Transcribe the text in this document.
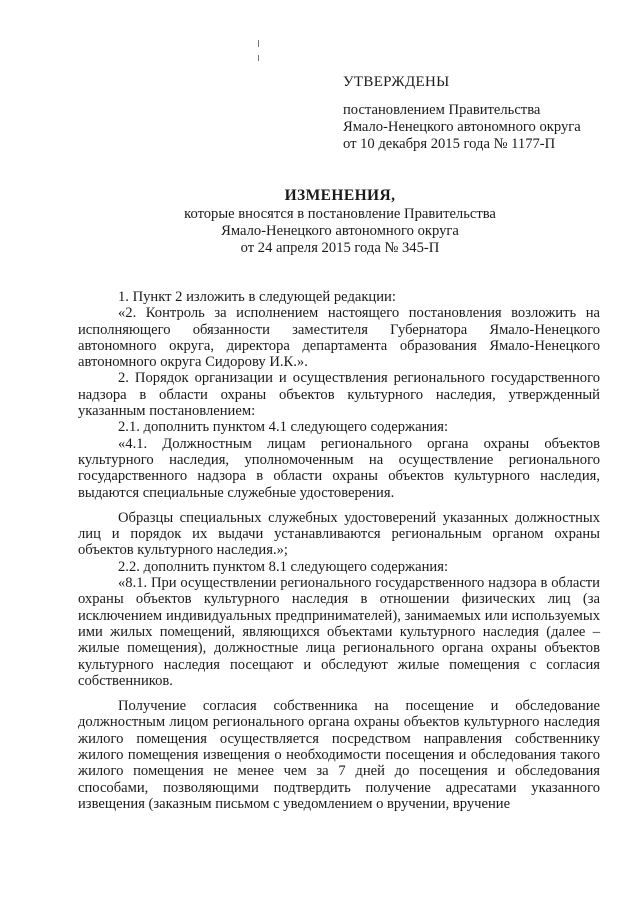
УТВЕРЖДЕНЫ
постановлением Правительства
Ямало-Ненецкого автономного округа
от 10 декабря 2015 года № 1177-П
ИЗМЕНЕНИЯ,
которые вносятся в постановление Правительства
Ямало-Ненецкого автономного округа
от 24 апреля 2015 года № 345-П

1. Пункт 2 изложить в следующей редакции:

«2. Контроль за исполнением настоящего постановления возложить на исполняющего обязанности заместителя Губернатора Ямало-Ненецкого автономного округа, директора департамента образования Ямало-Ненецкого автономного округа Сидорову И.К.».

2. Порядок организации и осуществления регионального государственного надзора в области охраны объектов культурного наследия, утвержденный указанным постановлением:

2.1. дополнить пунктом 4.1 следующего содержания:

«4.1. Должностным лицам регионального органа охраны объектов культурного наследия, уполномоченным на осуществление регионального государственного надзора в области охраны объектов культурного наследия, выдаются специальные служебные удостоверения.

Образцы специальных служебных удостоверений указанных должностных лиц и порядок их выдачи устанавливаются региональным органом охраны объектов культурного наследия.»;

2.2. дополнить пунктом 8.1 следующего содержания:

«8.1. При осуществлении регионального государственного надзора в области охраны объектов культурного наследия в отношении физических лиц (за исключением индивидуальных предпринимателей), занимаемых или используемых ими жилых помещений, являющихся объектами культурного наследия (далее – жилые помещения), должностные лица регионального органа охраны объектов культурного наследия посещают и обследуют жилые помещения с согласия собственников.

Получение согласия собственника на посещение и обследование должностным лицом регионального органа охраны объектов культурного наследия жилого помещения осуществляется посредством направления собственнику жилого помещения извещения о необходимости посещения и обследования такого жилого помещения не менее чем за 7 дней до посещения и обследования способами, позволяющими подтвердить получение адресатами указанного извещения (заказным письмом с уведомлением о вручении, вручение
